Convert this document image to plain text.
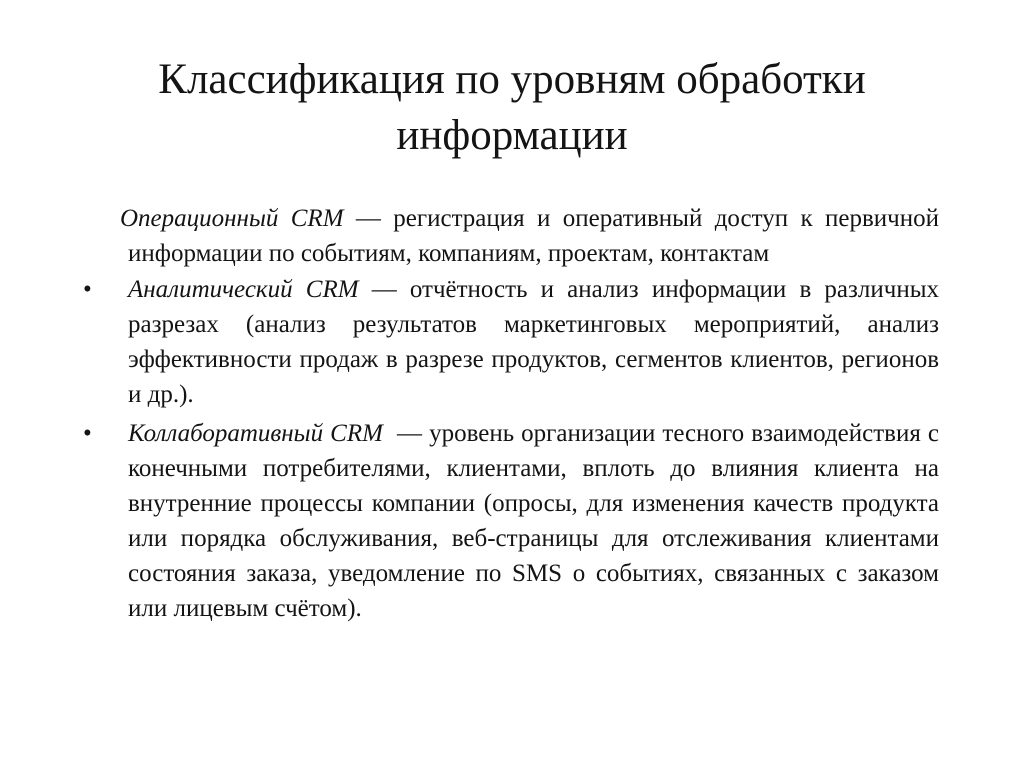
Классификация по уровням обработки информации

Операционный CRM — регистрация и оперативный доступ к первичной информации по событиям, компаниям, проектам, контактам

•	Аналитический CRM — отчётность и анализ информации в различных разрезах (анализ результатов маркетинговых мероприятий, анализ эффективности продаж в разрезе продуктов, сегментов клиентов, регионов и др.).

•	Коллаборативный CRM  — уровень организации тесного взаимодействия с конечными потребителями, клиентами, вплоть до влияния клиента на внутренние процессы компании (опросы, для изменения качеств продукта или порядка обслуживания, веб-страницы для отслеживания клиентами состояния заказа, уведомление по SMS о событиях, связанных с заказом или лицевым счётом).
